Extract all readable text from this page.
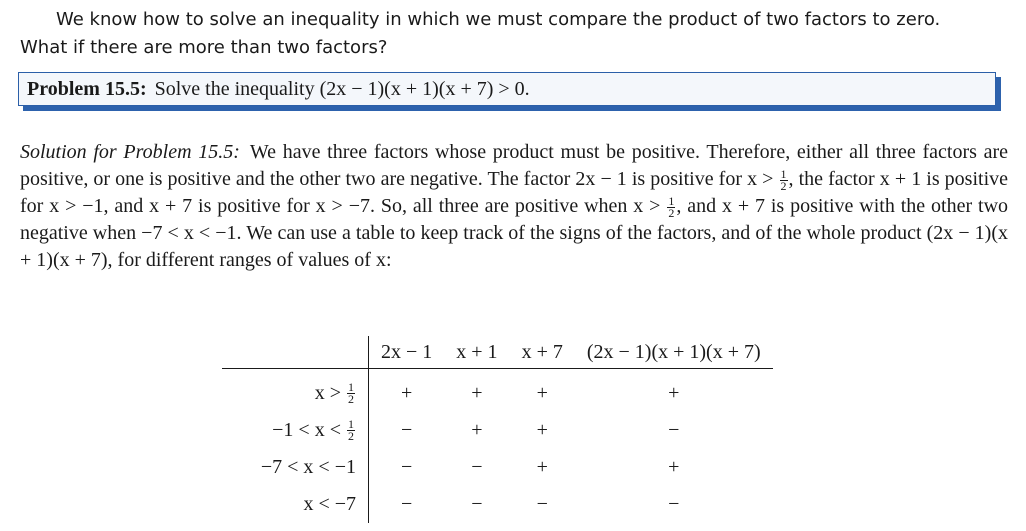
We know how to solve an inequality in which we must compare the product of two factors to zero.
What if there are more than two factors?

Problem 15.5: Solve the inequality (2x − 1)(x + 1)(x + 7) > 0.

Solution for Problem 15.5: We have three factors whose product must be positive. Therefore, either all three factors are positive, or one is positive and the other two are negative. The factor 2x − 1 is positive for $x > \frac{1}{2}$ , the factor x + 1 is positive for x > −1, and x + 7 is positive for x > −7. So, all three are positive when $x > \frac{1}{2}$ , and x + 7 is positive with the other two negative when −7 < x < −1. We can use a table to keep track of the signs of the factors, and of the whole product (2x − 1)(x + 1)(x + 7), for different ranges of values of x:

	2x − 1	x + 1	x + 7	(2x − 1)(x + 1)(x + 7)
$x > \frac{1}{2}$	+	+	+	+
$-1 < x < \frac{1}{2}$	−	+	+	−
−7 < x < −1	−	−	+	+
x < −7	−	−	−	−
